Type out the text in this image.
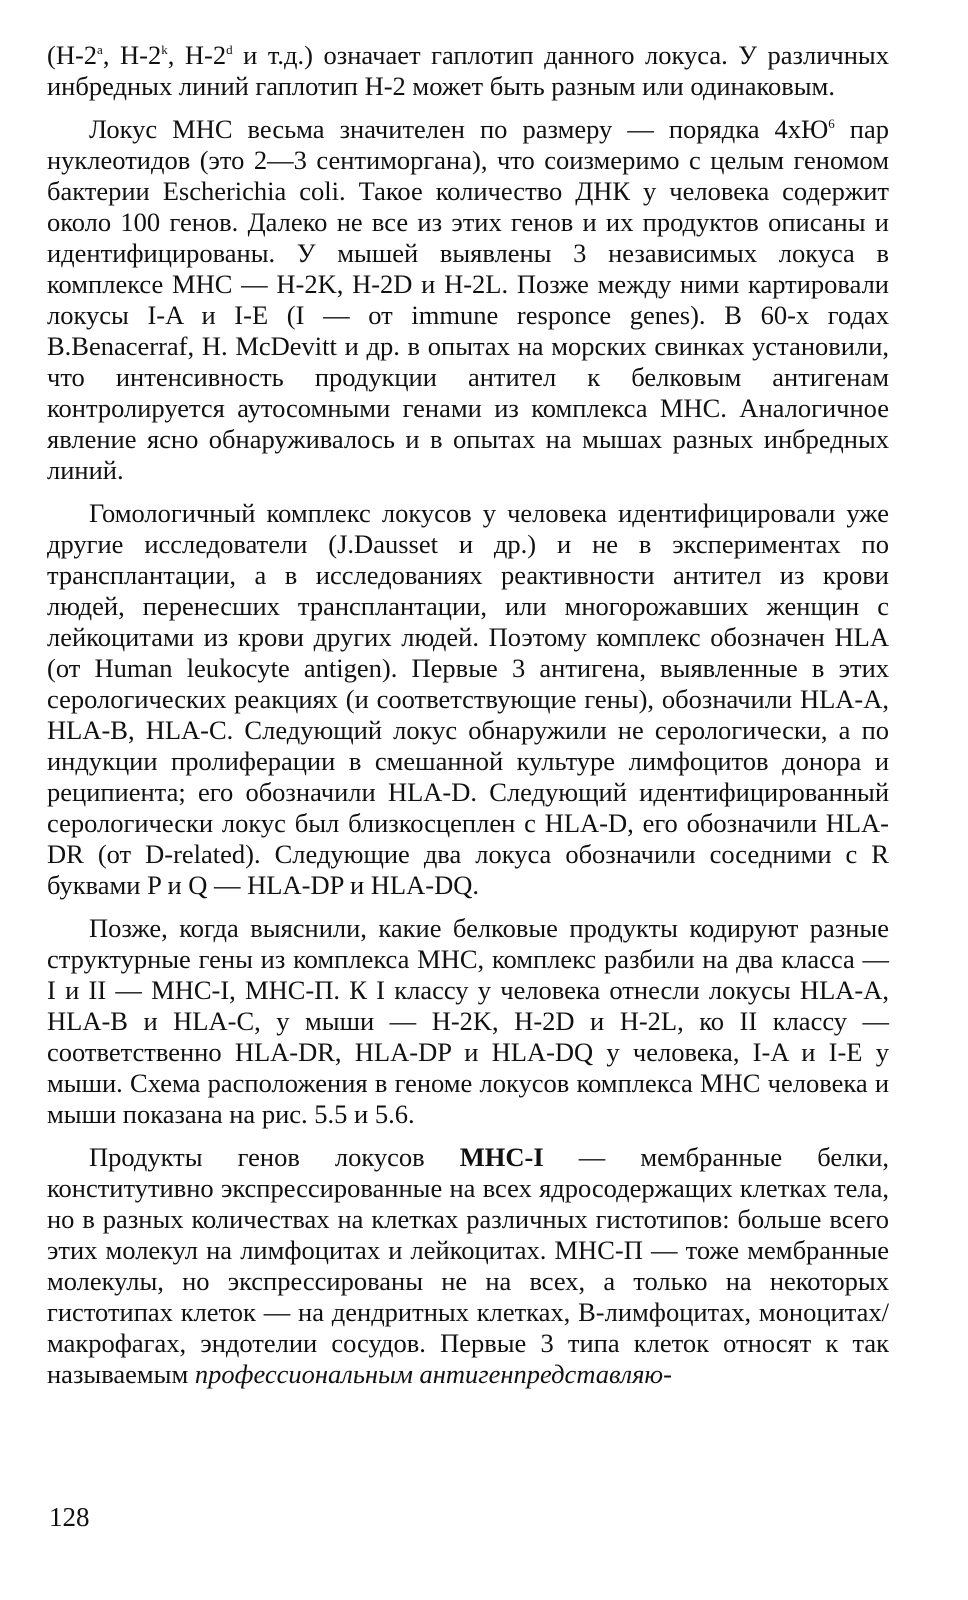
(H-2$^a$, H-2$^k$, H-2$^d$ и т.д.) означает гаплотип данного локуса. У различных инбредных линий гаплотип Н-2 может быть разным или одинаковым.

Локус МНС весьма значителен по размеру — порядка $4хЮ^6$ пар нуклеотидов (это 2—3 сентиморгана), что соизмеримо с целым геномом бактерии Escherichia coli. Такое количество ДНК у человека содержит около 100 генов. Далеко не все из этих генов и их продуктов описаны и идентифицированы. У мышей выявлены 3 независимых локуса в комплексе МНС — H-2K, H-2D и H-2L. Позже между ними картировали локусы I-A и I-E (I — от immune responce genes). В 60-х годах B.Benacerraf, H. McDevitt и др. в опытах на морских свинках установили, что интенсивность продукции антител к белковым антигенам контролируется аутосомными генами из комплекса МНС. Аналогичное явление ясно обнаруживалось и в опытах на мышах разных инбредных линий.

Гомологичный комплекс локусов у человека идентифицировали уже другие исследователи (J.Dausset и др.) и не в экспериментах по трансплантации, а в исследованиях реактивности антител из крови людей, перенесших трансплантации, или многорожавших женщин с лейкоцитами из крови других людей. Поэтому комплекс обозначен HLA (от Human leukocyte antigen). Первые 3 антигена, выявленные в этих серологических реакциях (и соответствующие гены), обозначили HLA-A, HLA-B, HLA-C. Следующий локус обнаружили не серологически, а по индукции пролиферации в смешанной культуре лимфоцитов донора и реципиента; его обозначили HLA-D. Следующий идентифицированный серологически локус был близкосцеплен с HLA-D, его обозначили HLA-DR (от D-related). Следующие два локуса обозначили соседними с R буквами P и Q — HLA-DP и HLA-DQ.

Позже, когда выяснили, какие белковые продукты кодируют разные структурные гены из комплекса МНС, комплекс разбили на два класса — I и II — MHC-I, МНС-П. К I классу у человека отнесли локусы HLA-A, HLA-B и HLA-C, у мыши — H-2K, H-2D и H-2L, ко II классу — соответственно HLA-DR, HLA-DP и HLA-DQ у человека, I-A и I-E у мыши. Схема расположения в геноме локусов комплекса МНС человека и мыши показана на рис. 5.5 и 5.6.

Продукты генов локусов MHC-I — мембранные белки, конститутивно экспрессированные на всех ядросодержащих клетках тела, но в разных количествах на клетках различных гистотипов: больше всего этих молекул на лимфоцитах и лейкоцитах. МНС-П — тоже мембранные молекулы, но экспрессированы не на всех, а только на некоторых гистотипах клеток — на дендритных клетках, В-лимфоцитах, моноцитах/ макрофагах, эндотелии сосудов. Первые 3 типа клеток относят к так называемым профессиональным антигенпредставляю-

128
